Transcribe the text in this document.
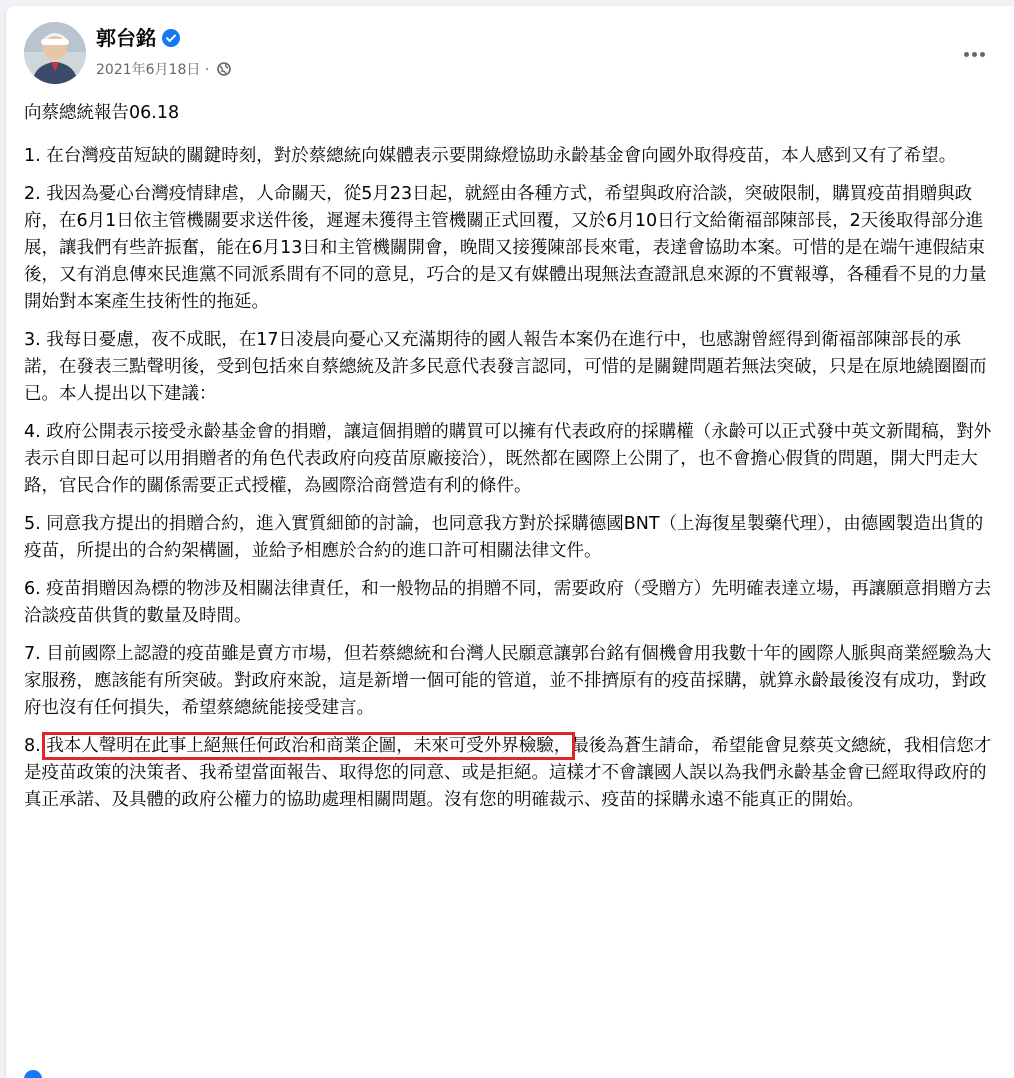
郭台銘
2021年6月18日 ·

向蔡總統報告06.18

1. 在台灣疫苗短缺的關鍵時刻，對於蔡總統向媒體表示要開綠燈協助永齡基金會向國外取得疫苗，本人感到又有了希望。

2. 我因為憂心台灣疫情肆虐，人命關天，從5月23日起，就經由各種方式，希望與政府洽談，突破限制，購買疫苗捐贈與政府，在6月1日依主管機關要求送件後，遲遲未獲得主管機關正式回覆，又於6月10日行文給衛福部陳部長，2天後取得部分進展，讓我們有些許振奮，能在6月13日和主管機關開會，晚間又接獲陳部長來電，表達會協助本案。可惜的是在端午連假結束後，又有消息傳來民進黨不同派系間有不同的意見，巧合的是又有媒體出現無法查證訊息來源的不實報導，各種看不見的力量開始對本案產生技術性的拖延。

3. 我每日憂慮，夜不成眠，在17日凌晨向憂心又充滿期待的國人報告本案仍在進行中，也感謝曾經得到衛福部陳部長的承諾，在發表三點聲明後，受到包括來自蔡總統及許多民意代表發言認同，可惜的是關鍵問題若無法突破，只是在原地繞圈圈而已。本人提出以下建議：

4. 政府公開表示接受永齡基金會的捐贈，讓這個捐贈的購買可以擁有代表政府的採購權（永齡可以正式發中英文新聞稿，對外表示自即日起可以用捐贈者的角色代表政府向疫苗原廠接洽），既然都在國際上公開了，也不會擔心假貨的問題，開大門走大路，官民合作的關係需要正式授權，為國際洽商營造有利的條件。

5. 同意我方提出的捐贈合約，進入實質細節的討論，也同意我方對於採購德國BNT（上海復星製藥代理），由德國製造出貨的疫苗，所提出的合約架構圖，並給予相應於合約的進口許可相關法律文件。

6. 疫苗捐贈因為標的物涉及相關法律責任，和一般物品的捐贈不同，需要政府（受贈方）先明確表達立場，再讓願意捐贈方去洽談疫苗供貨的數量及時間。

7. 目前國際上認證的疫苗雖是賣方市場，但若蔡總統和台灣人民願意讓郭台銘有個機會用我數十年的國際人脈與商業經驗為大家服務，應該能有所突破。對政府來說，這是新增一個可能的管道，並不排擠原有的疫苗採購，就算永齡最後沒有成功，對政府也沒有任何損失，希望蔡總統能接受建言。

8. 我本人聲明在此事上絕無任何政治和商業企圖，未來可受外界檢驗，最後為蒼生請命，希望能會見蔡英文總統，我相信您才是疫苗政策的決策者、我希望當面報告、取得您的同意、或是拒絕。這樣才不會讓國人誤以為我們永齡基金會已經取得政府的真正承諾、及具體的政府公權力的協助處理相關問題。沒有您的明確裁示、疫苗的採購永遠不能真正的開始。
